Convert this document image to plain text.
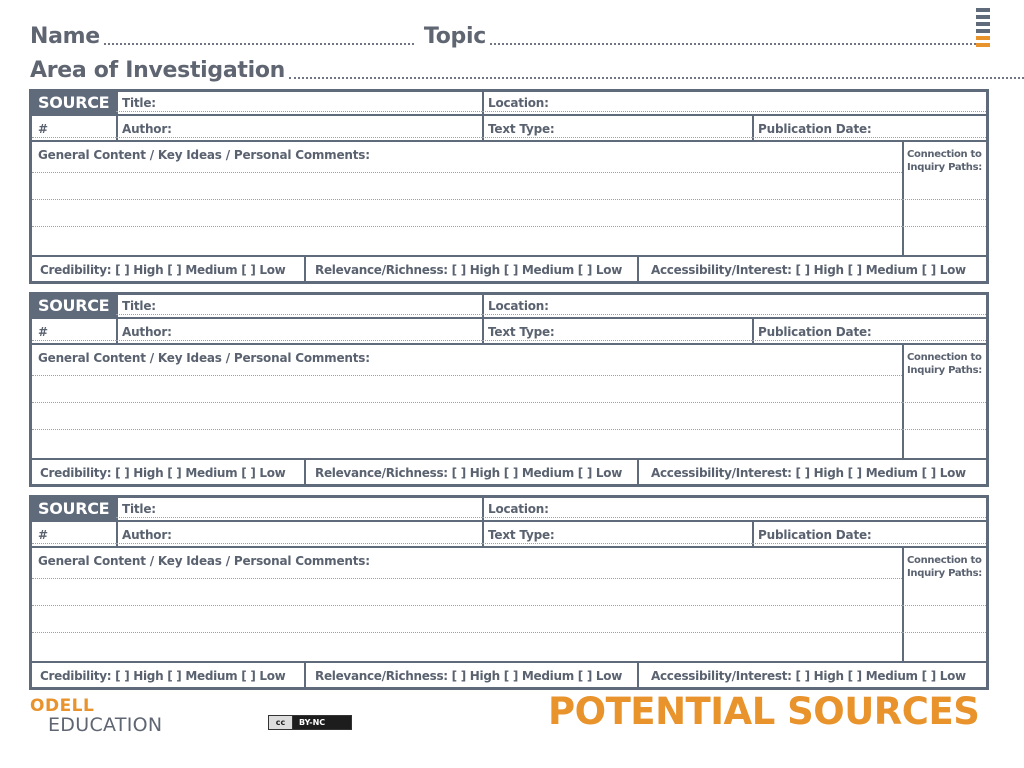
Name	Topic
Area of Investigation
SOURCE	Title:	Location:
#	Author:	Text Type:	Publication Date:
General Content / Key Ideas / Personal Comments:	Connection to
Inquiry Paths:
Credibility: [ ] High [ ] Medium [ ] Low Relevance/Richness: [ ] High [ ] Medium [ ] Low Accessibility/Interest: [ ] High [ ] Medium [ ] Low
SOURCE	Title:	Location:
#	Author:	Text Type:	Publication Date:
General Content / Key Ideas / Personal Comments:	Connection to
Inquiry Paths:
Credibility: [ ] High [ ] Medium [ ] Low Relevance/Richness: [ ] High [ ] Medium [ ] Low Accessibility/Interest: [ ] High [ ] Medium [ ] Low
SOURCE	Title:	Location:
#	Author:	Text Type:	Publication Date:
General Content / Key Ideas / Personal Comments:	Connection to
Inquiry Paths:
Credibility: [ ] High [ ] Medium [ ] Low Relevance/Richness: [ ] High [ ] Medium [ ] Low Accessibility/Interest: [ ] High [ ] Medium [ ] Low
ODELL
EDUCATION	cc	BY-NC	POTENTIAL SOURCES
